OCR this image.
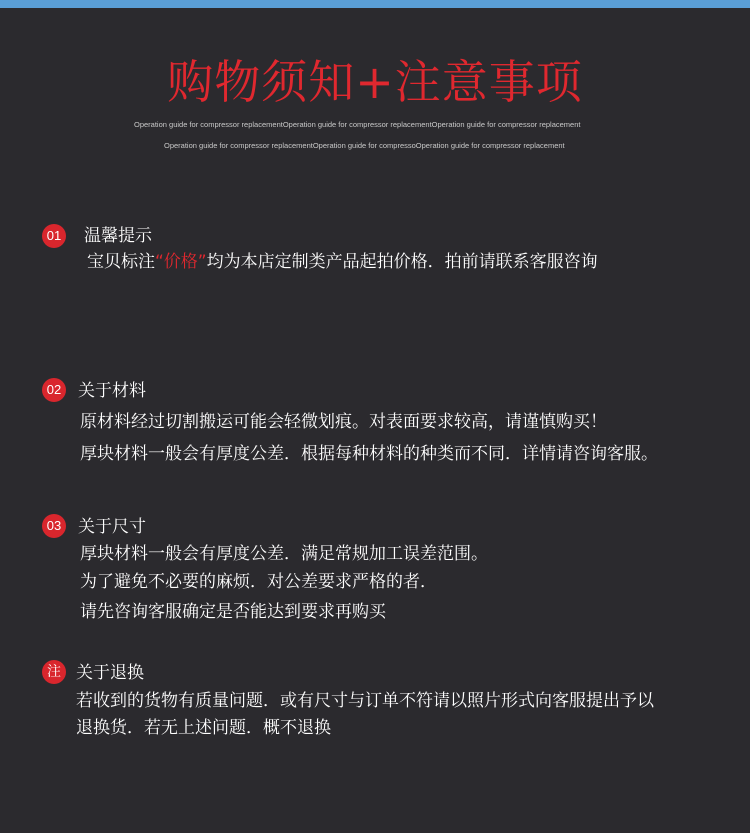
购物须知+注意事项
Operation guide for compressor replacementOperation guide for compressor replacementOperation guide for compressor replacement
Operation guide for compressor replacementOperation guide for compressoOperation guide for compressor replacement
01 温馨提示
宝贝标注“价格”均为本店定制类产品起拍价格．拍前请联系客服咨询
02 关于材料
原材料经过切割搬运可能会轻微划痕。对表面要求较高，请谨慎购买！
厚块材料一般会有厚度公差．根据每种材料的种类而不同．详情请咨询客服。
03 关于尺寸
厚块材料一般会有厚度公差．满足常规加工误差范围。
为了避免不必要的麻烦．对公差要求严格的者．
请先咨询客服确定是否能达到要求再购买
注 关于退换
若收到的货物有质量问题．或有尺寸与订单不符请以照片形式向客服提出予以
退换货．若无上述问题．概不退换
